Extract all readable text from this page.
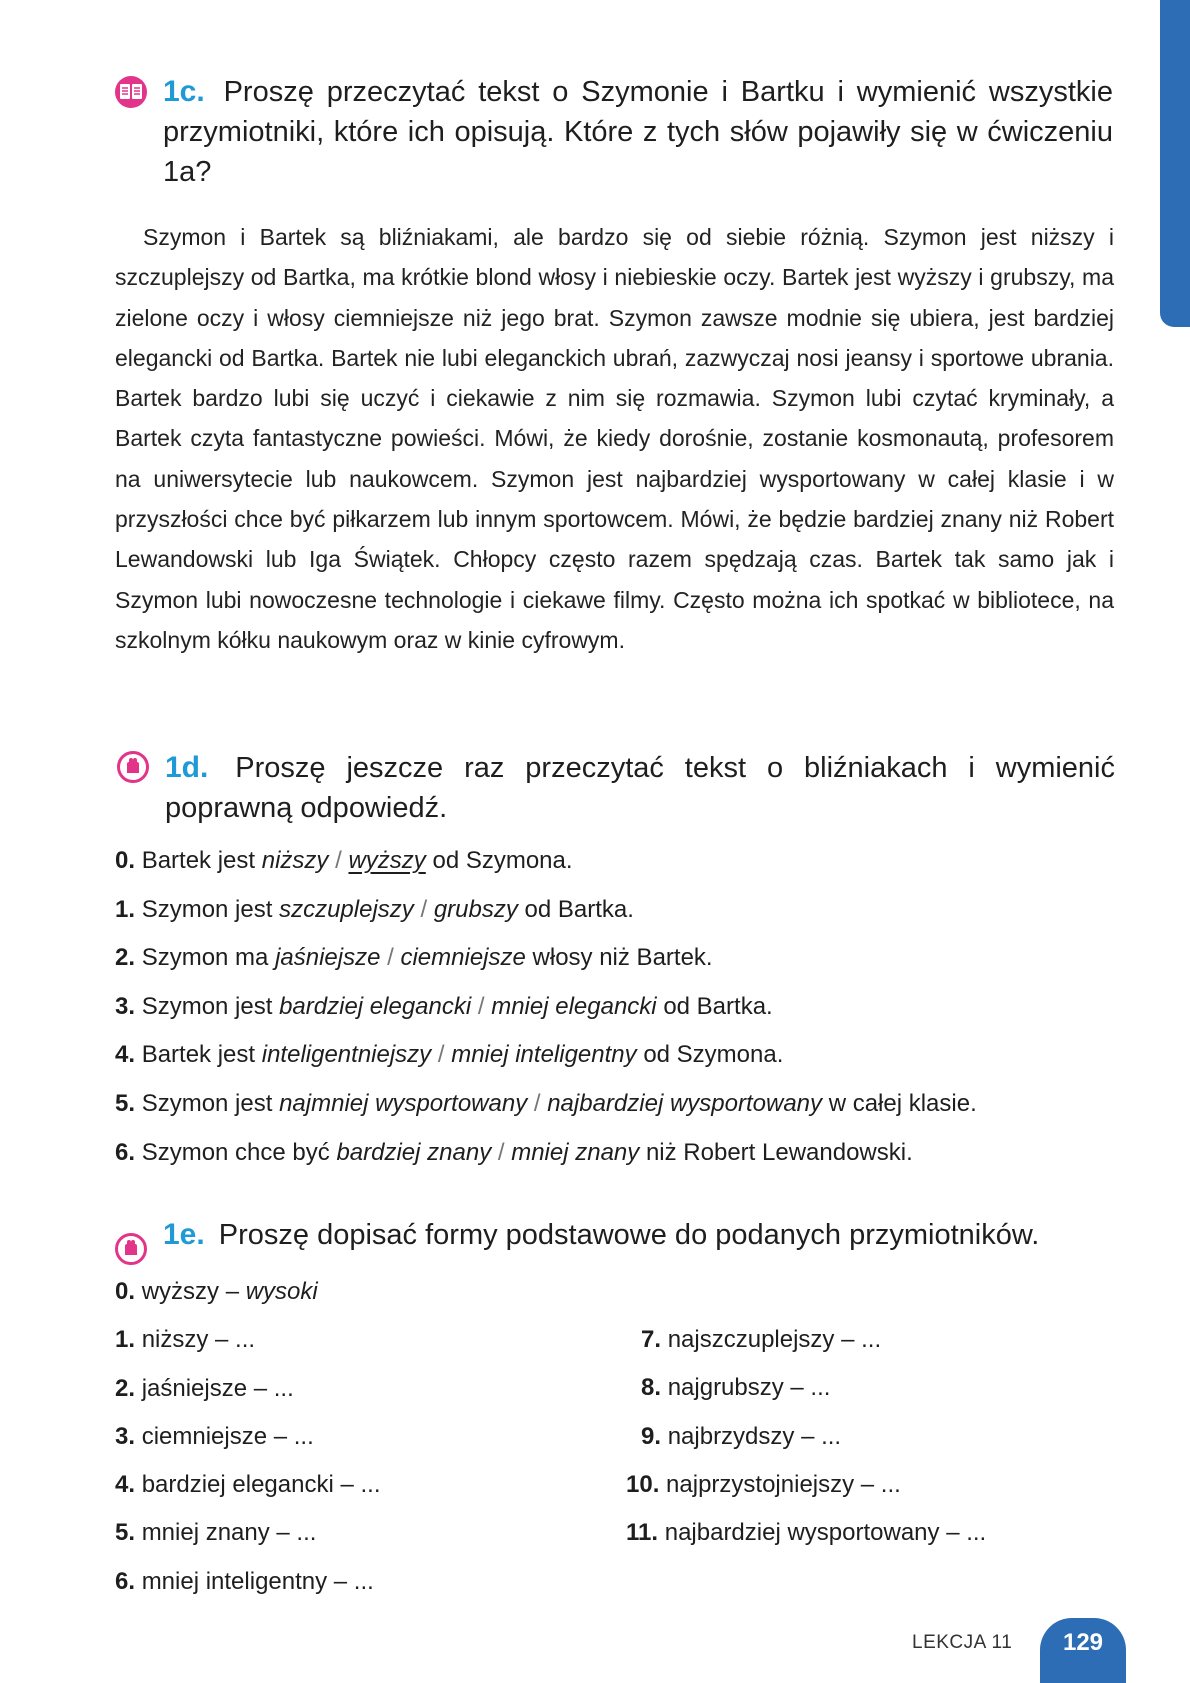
1c. Proszę przeczytać tekst o Szymonie i Bartku i wymienić wszystkie przymiotniki, które ich opisują. Które z tych słów pojawiły się w ćwiczeniu 1a?

Szymon i Bartek są bliźniakami, ale bardzo się od siebie różnią. Szymon jest niższy i szczuplejszy od Bartka, ma krótkie blond włosy i niebieskie oczy. Bartek jest wyższy i grubszy, ma zielone oczy i włosy ciemniejsze niż jego brat. Szymon zawsze modnie się ubiera, jest bardziej elegancki od Bartka. Bartek nie lubi eleganckich ubrań, zazwyczaj nosi jeansy i sportowe ubrania. Bartek bardzo lubi się uczyć i ciekawie z nim się rozmawia. Szymon lubi czytać kryminały, a Bartek czyta fantastyczne powieści. Mówi, że kiedy dorośnie, zostanie kosmonautą, profesorem na uniwersytecie lub naukowcem. Szymon jest najbardziej wysportowany w całej klasie i w przyszłości chce być piłkarzem lub innym sportowcem. Mówi, że będzie bardziej znany niż Robert Lewandowski lub Iga Świątek. Chłopcy często razem spędzają czas. Bartek tak samo jak i Szymon lubi nowoczesne technologie i ciekawe filmy. Często można ich spotkać w bibliotece, na szkolnym kółku naukowym oraz w kinie cyfrowym.

1d. Proszę jeszcze raz przeczytać tekst o bliźniakach i wymienić poprawną odpowiedź.
0. Bartek jest niższy / wyższy od Szymona.
1. Szymon jest szczuplejszy / grubszy od Bartka.
2. Szymon ma jaśniejsze / ciemniejsze włosy niż Bartek.
3. Szymon jest bardziej elegancki / mniej elegancki od Bartka.
4. Bartek jest inteligentniejszy / mniej inteligentny od Szymona.
5. Szymon jest najmniej wysportowany / najbardziej wysportowany w całej klasie.
6. Szymon chce być bardziej znany / mniej znany niż Robert Lewandowski.
1e. Proszę dopisać formy podstawowe do podanych przymiotników.
0. wyższy – wysoki
1. niższy – ...
2. jaśniejsze – ...
3. ciemniejsze – ...
4. bardziej elegancki – ...
5. mniej znany – ...
6. mniej inteligentny – ...
7. najszczuplejszy – ...
8. najgrubszy – ...
9. najbrzydszy – ...
10. najprzystojniejszy – ...
11. najbardziej wysportowany – ...
LEKCJA 11	129
